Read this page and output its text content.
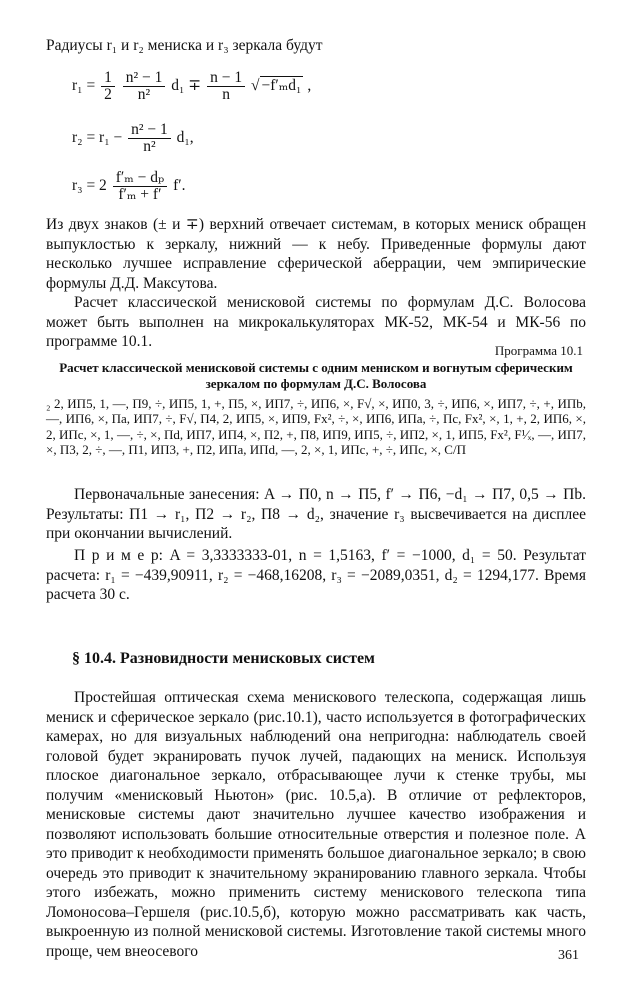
Радиусы r₁ и r₂ мениска и r₃ зеркала будут
$r_1 = \frac{1}{2}$
$\frac{\text{n² − 1}}{\text{n²}} d_1 \mp \frac{n - 1}{n}$ √ −f′ₘd₁ ,
$r_2 = r_1 - \frac{\text{n² − 1}}{\text{n²}} d_1$,
$r_3 = 2 \frac{\text{f′ₘ − dₚ}}{\text{f′ₘ + f′}} f'$.
Из двух знаков (± и ∓) верхний отвечает системам, в которых мениск обращен выпуклостью к зеркалу, нижний — к небу. Приведенные формулы дают несколько лучшее исправление сферической аберрации, чем эмпирические формулы Д.Д. Максутова.
Расчет классической менисковой системы по формулам Д.С. Волосова может быть выполнен на микрокалькуляторах МК-52, МК-54 и МК-56 по программе 10.1.
Программа 10.1
Расчет классической менисковой системы с одним мениском и вогнутым сферическим зеркалом по формулам Д.С. Волосова
₂ 2, ИП5, 1, —, П9, ÷, ИП5, 1, +, П5, ×, ИП7, ÷, ИП6, ×, F√, ×, ИП0, 3, ÷, ИП6, ×, ИП7, ÷, +, ИПb, —, ИП6, ×, Па, ИП7, ÷, F√, П4, 2, ИП5, ×, ИП9, Fx², ÷, ×, ИП6, ИПа, ÷, Пс, Fx², ×, 1, +, 2, ИП6, ×, 2, ИПс, ×, 1, —, ÷, ×, Пd, ИП7, ИП4, ×, П2, +, П8, ИП9, ИП5, ÷, ИП2, ×, 1, ИП5, Fx², F¹⁄ₓ, —, ИП7, ×, П3, 2, ÷, —, П1, ИП3, +, П2, ИПа, ИПd, —, 2, ×, 1, ИПс, +, ÷, ИПс, ×, С/П
Первоначальные занесения: A → П0, n → П5, f′ → П6, −d₁ → П7, 0,5 → Пb. Результаты: П1 → r₁, П2 → r₂, П8 → d₂, значение r₃ высвечивается на дисплее при окончании вычислений.
П р и м е р: A = 3,3333333-01, n = 1,5163, f′ = −1000, d₁ = 50. Результат расчета: r₁ = −439,90911, r₂ = −468,16208, r₃ = −2089,0351, d₂ = 1294,177. Время расчета 30 с.
§ 10.4. Разновидности менисковых систем
Простейшая оптическая схема менискового телескопа, содержащая лишь мениск и сферическое зеркало (рис.10.1), часто используется в фотографических камерах, но для визуальных наблюдений она непригодна: наблюдатель своей головой будет экранировать пучок лучей, падающих на мениск. Используя плоское диагональное зеркало, отбрасывающее лучи к стенке трубы, мы получим «менисковый Ньютон» (рис. 10.5,а). В отличие от рефлекторов, менисковые системы дают значительно лучшее качество изображения и позволяют использовать большие относительные отверстия и полезное поле. А это приводит к необходимости применять большое диагональное зеркало; в свою очередь это приводит к значительному экранированию главного зеркала. Чтобы этого избежать, можно применить систему менискового телескопа типа Ломоносова–Гершеля (рис.10.5,б), которую можно рассматривать как часть, выкроенную из полной менисковой системы. Изготовление такой системы много проще, чем внеосевого	361
